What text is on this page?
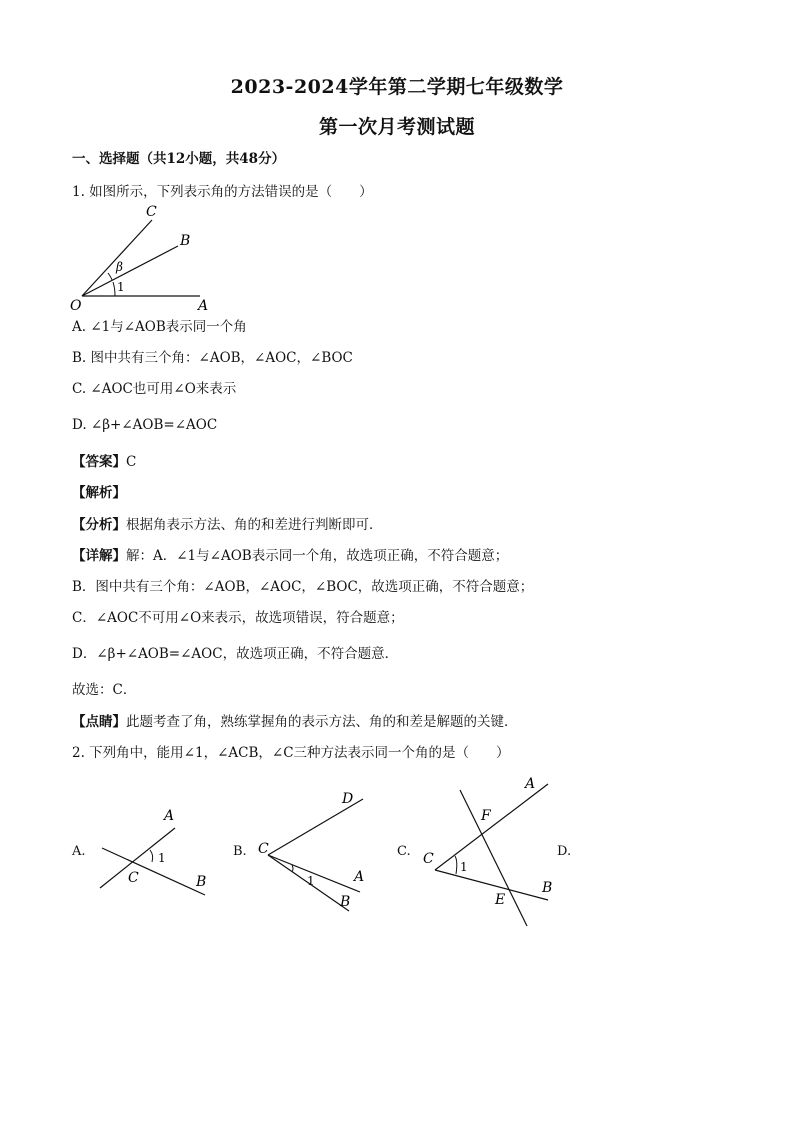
2023-2024学年第二学期七年级数学
第一次月考测试题
一、选择题（共12小题，共48分）
1. 如图所示，下列表示角的方法错误的是（　　）
C
B
β
1
O	A
A. ∠1与∠AOB表示同一个角
B. 图中共有三个角：∠AOB，∠AOC，∠BOC
C. ∠AOC也可用∠O来表示
D. ∠β+∠AOB=∠AOC
【答案】C
【解析】
【分析】根据角表示方法、角的和差进行判断即可．
【详解】解：A．∠1与∠AOB表示同一个角，故选项正确，不符合题意；
B．图中共有三个角：∠AOB，∠AOC，∠BOC，故选项正确，不符合题意；
C．∠AOC不可用∠O来表示，故选项错误，符合题意；
D．∠β+∠AOB=∠AOC，故选项正确，不符合题意．
故选：C．
【点睛】此题考查了角，熟练掌握角的表示方法、角的和差是解题的关键．
2. 下列角中，能用∠1，∠ACB，∠C三种方法表示同一个角的是（　　）
A.	B.	C.	D.
A
1
C	B
D
C
1	A
B
A
F
C 1
B
E
